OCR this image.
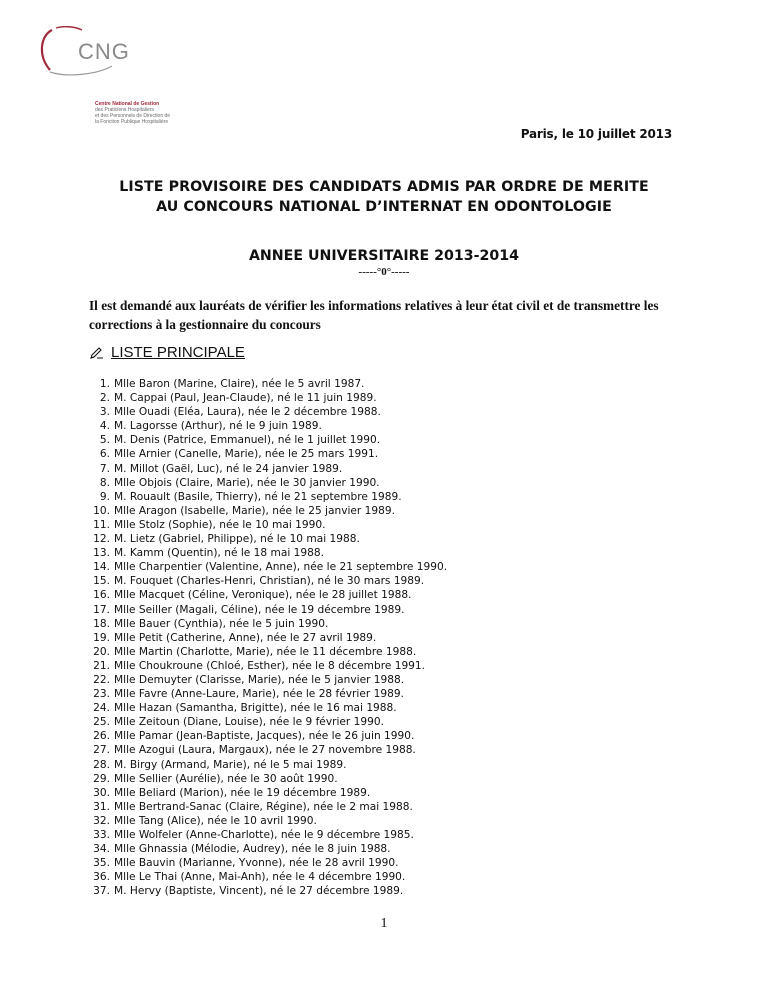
CNG
Centre National de Gestion
des Praticiens Hospitaliers
et des Personnels de Direction de
la Fonction Publique Hospitalière
Paris, le 10 juillet 2013
LISTE PROVISOIRE DES CANDIDATS ADMIS PAR ORDRE DE MERITE
AU CONCOURS NATIONAL D’INTERNAT EN ODONTOLOGIE
ANNEE UNIVERSITAIRE 2013-2014
-----°0°-----
Il est demandé aux lauréats de vérifier les informations relatives à leur état civil et de transmettre les corrections à la gestionnaire du concours
LISTE PRINCIPALE
1. Mlle Baron (Marine, Claire), née le 5 avril 1987.
2. M. Cappai (Paul, Jean-Claude), né le 11 juin 1989.
3. Mlle Ouadi (Eléa, Laura), née le 2 décembre 1988.
4. M. Lagorsse (Arthur), né le 9 juin 1989.
5. M. Denis (Patrice, Emmanuel), né le 1 juillet 1990.
6. Mlle Arnier (Canelle, Marie), née le 25 mars 1991.
7. M. Millot (Gaël, Luc), né le 24 janvier 1989.
8. Mlle Objois (Claire, Marie), née le 30 janvier 1990.
9. M. Rouault (Basile, Thierry), né le 21 septembre 1989.
10. Mlle Aragon (Isabelle, Marie), née le 25 janvier 1989.
11. Mlle Stolz (Sophie), née le 10 mai 1990.
12. M. Lietz (Gabriel, Philippe), né le 10 mai 1988.
13. M. Kamm (Quentin), né le 18 mai 1988.
14. Mlle Charpentier (Valentine, Anne), née le 21 septembre 1990.
15. M. Fouquet (Charles-Henri, Christian), né le 30 mars 1989.
16. Mlle Macquet (Céline, Veronique), née le 28 juillet 1988.
17. Mlle Seiller (Magali, Céline), née le 19 décembre 1989.
18. Mlle Bauer (Cynthia), née le 5 juin 1990.
19. Mlle Petit (Catherine, Anne), née le 27 avril 1989.
20. Mlle Martin (Charlotte, Marie), née le 11 décembre 1988.
21. Mlle Choukroune (Chloé, Esther), née le 8 décembre 1991.
22. Mlle Demuyter (Clarisse, Marie), née le 5 janvier 1988.
23. Mlle Favre (Anne-Laure, Marie), née le 28 février 1989.
24. Mlle Hazan (Samantha, Brigitte), née le 16 mai 1988.
25. Mlle Zeitoun (Diane, Louise), née le 9 février 1990.
26. Mlle Pamar (Jean-Baptiste, Jacques), née le 26 juin 1990.
27. Mlle Azogui (Laura, Margaux), née le 27 novembre 1988.
28. M. Birgy (Armand, Marie), né le 5 mai 1989.
29. Mlle Sellier (Aurélie), née le 30 août 1990.
30. Mlle Beliard (Marion), née le 19 décembre 1989.
31. Mlle Bertrand-Sanac (Claire, Régine), née le 2 mai 1988.
32. Mlle Tang (Alice), née le 10 avril 1990.
33. Mlle Wolfeler (Anne-Charlotte), née le 9 décembre 1985.
34. Mlle Ghnassia (Mélodie, Audrey), née le 8 juin 1988.
35. Mlle Bauvin (Marianne, Yvonne), née le 28 avril 1990.
36. Mlle Le Thai (Anne, Mai-Anh), née le 4 décembre 1990.
37. M. Hervy (Baptiste, Vincent), né le 27 décembre 1989.
1
